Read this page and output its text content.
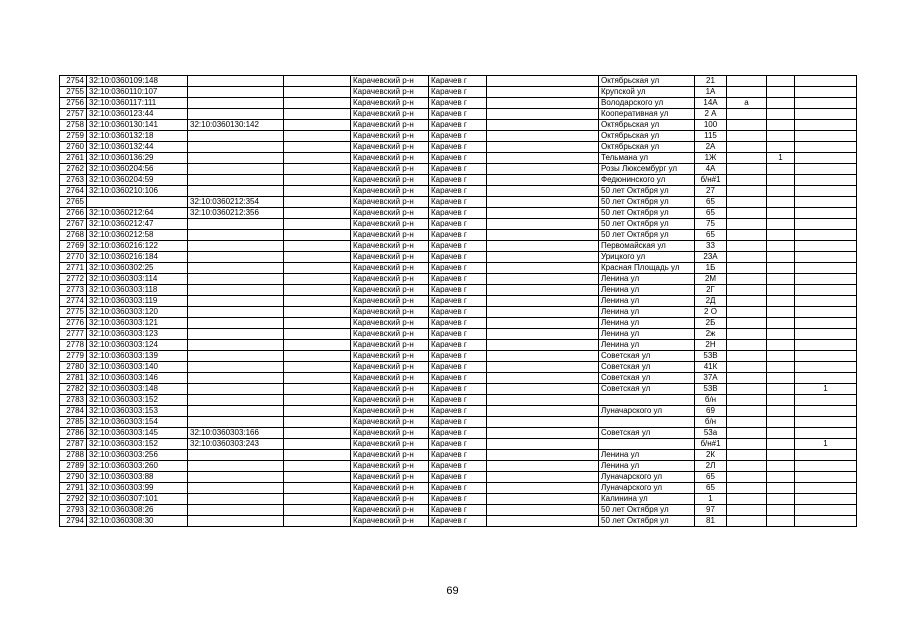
2754	32:10:0360109:148			Карачевский р-н	Карачев г		Октябрьская ул	21			
2755	32:10:0360110:107			Карачевский р-н	Карачев г		Крупской ул	1А			
2756	32:10:0360117:111			Карачевский р-н	Карачев г		Володарского ул	14А	а		
2757	32:10:0360123:44			Карачевский р-н	Карачев г		Кооперативная ул	2 А			
2758	32:10:0360130:141	32:10:0360130:142		Карачевский р-н	Карачев г		Октябрьская ул	100			
2759	32:10:0360132:18			Карачевский р-н	Карачев г		Октябрьская ул	115			
2760	32:10:0360132:44			Карачевский р-н	Карачев г		Октябрьская ул	2А			
2761	32:10:0360136:29			Карачевский р-н	Карачев г		Тельмана ул	1Ж		1	
2762	32:10:0360204:56			Карачевский р-н	Карачев г		Розы Люксембург ул	4А			
2763	32:10:0360204:59			Карачевский р-н	Карачев г		Федюнинского ул	б/н#1			
2764	32:10:0360210:106			Карачевский р-н	Карачев г		50 лет Октября ул	27			
2765		32:10:0360212:354		Карачевский р-н	Карачев г		50 лет Октября ул	65			
2766	32:10:0360212:64	32:10:0360212:356		Карачевский р-н	Карачев г		50 лет Октября ул	65			
2767	32:10:0360212:47			Карачевский р-н	Карачев г		50 лет Октября ул	75			
2768	32:10:0360212:58			Карачевский р-н	Карачев г		50 лет Октября ул	65			
2769	32:10:0360216:122			Карачевский р-н	Карачев г		Первомайская ул	33			
2770	32:10:0360216:184			Карачевский р-н	Карачев г		Урицкого ул	23А			
2771	32:10:0360302:25			Карачевский р-н	Карачев г		Красная Площадь ул	1Б			
2772	32:10:0360303:114			Карачевский р-н	Карачев г		Ленина ул	2М			
2773	32:10:0360303:118			Карачевский р-н	Карачев г		Ленина ул	2Г			
2774	32:10:0360303:119			Карачевский р-н	Карачев г		Ленина ул	2Д			
2775	32:10:0360303:120			Карачевский р-н	Карачев г		Ленина ул	2 О			
2776	32:10:0360303:121			Карачевский р-н	Карачев г		Ленина ул	2Б			
2777	32:10:0360303:123			Карачевский р-н	Карачев г		Ленина ул	2ж			
2778	32:10:0360303:124			Карачевский р-н	Карачев г		Ленина ул	2Н			
2779	32:10:0360303:139			Карачевский р-н	Карачев г		Советская ул	53В			
2780	32:10:0360303:140			Карачевский р-н	Карачев г		Советская ул	41К			
2781	32:10:0360303:146			Карачевский р-н	Карачев г		Советская ул	37А			
2782	32:10:0360303:148			Карачевский р-н	Карачев г		Советская ул	53В			1
2783	32:10:0360303:152			Карачевский р-н	Карачев г			б/н			
2784	32:10:0360303:153			Карачевский р-н	Карачев г		Луначарского ул	69			
2785	32:10:0360303:154			Карачевский р-н	Карачев г			б/н			
2786	32:10:0360303:145	32:10:0360303:166		Карачевский р-н	Карачев г		Советская ул	53а			
2787	32:10:0360303:152	32:10:0360303:243		Карачевский р-н	Карачев г			б/н#1			1
2788	32:10:0360303:256			Карачевский р-н	Карачев г		Ленина ул	2К			
2789	32:10:0360303:260			Карачевский р-н	Карачев г		Ленина ул	2Л			
2790	32:10:0360303:88			Карачевский р-н	Карачев г		Луначарского ул	65			
2791	32:10:0360303:99			Карачевский р-н	Карачев г		Луначарского ул	65			
2792	32:10:0360307:101			Карачевский р-н	Карачев г		Калинина ул	1			
2793	32:10:0360308:26			Карачевский р-н	Карачев г		50 лет Октября ул	97			
2794	32:10:0360308:30			Карачевский р-н	Карачев г		50 лет Октября ул	81			
69
